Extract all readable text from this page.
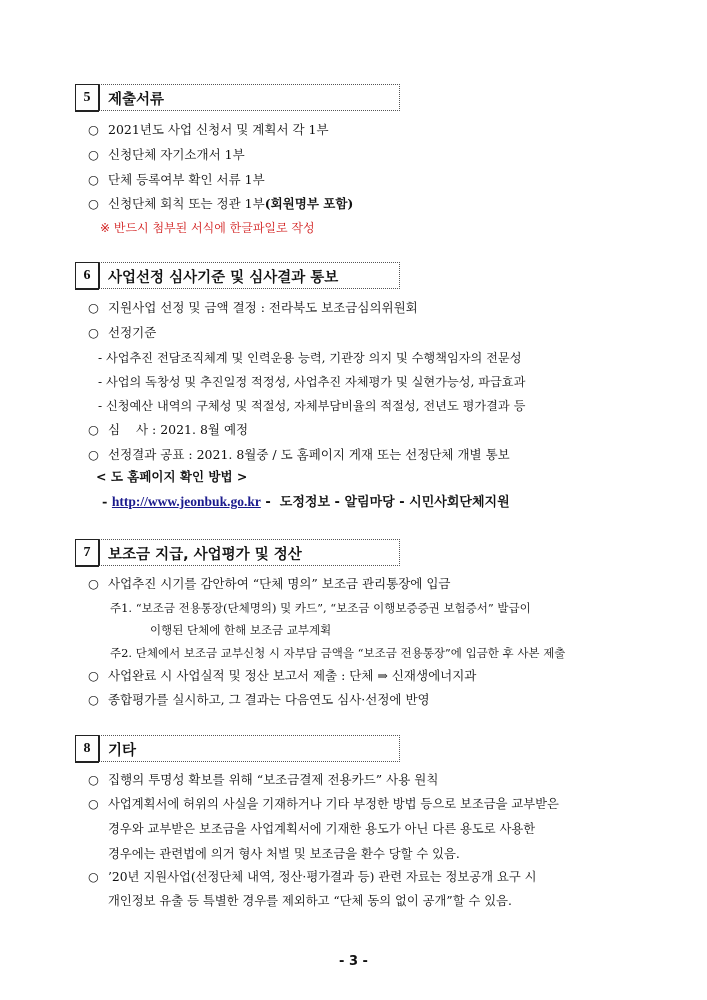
5	제출서류
○ 2021년도 사업 신청서 및 계획서 각 1부
○ 신청단체 자기소개서 1부
○ 단체 등록여부 확인 서류 1부
○ 신청단체 회칙 또는 정관 1부(회원명부 포함)
※ 반드시 첨부된 서식에 한글파일로 작성
6	사업선정 심사기준 및 심사결과 통보
○ 지원사업 선정 및 금액 결정 : 전라북도 보조금심의위원회
○ 선정기준
- 사업추진 전담조직체계 및 인력운용 능력, 기관장 의지 및 수행책임자의 전문성
- 사업의 독창성 및 추진일정 적정성, 사업추진 자체평가 및 실현가능성, 파급효과
- 신청예산 내역의 구체성 및 적절성, 자체부담비율의 적절성, 전년도 평가결과 등
○ 심    사 : 2021. 8월 예정
○ 선정결과 공표 : 2021. 8월중 / 도 홈페이지 게재 또는 선정단체 개별 통보
< 도 홈페이지 확인 방법 >
- http://www.jeonbuk.go.kr -  도정정보 - 알림마당 - 시민사회단체지원
7	보조금 지급, 사업평가 및 정산
○ 사업추진 시기를 감안하여 “단체 명의” 보조금 관리통장에 입금
주1. “보조금 전용통장(단체명의) 및 카드”, “보조금 이행보증증권 보험증서” 발급이
이행된 단체에 한해 보조금 교부계획
주2. 단체에서 보조금 교부신청 시 자부담 금액을 “보조금 전용통장”에 입금한 후 사본 제출
○ 사업완료 시 사업실적 및 정산 보고서 제출 : 단체 ⇒ 신재생에너지과
○ 종합평가를 실시하고, 그 결과는 다음연도 심사·선정에 반영
8	기타
○ 집행의 투명성 확보를 위해 “보조금결제 전용카드” 사용 원칙
○ 사업계획서에 허위의 사실을 기재하거나 기타 부정한 방법 등으로 보조금을 교부받은
경우와 교부받은 보조금을 사업계획서에 기재한 용도가 아닌 다른 용도로 사용한
경우에는 관련법에 의거 형사 처벌 및 보조금을 환수 당할 수 있음.
○ ’20년 지원사업(선정단체 내역, 정산·평가결과 등) 관련 자료는 정보공개 요구 시
개인정보 유출 등 특별한 경우를 제외하고 “단체 동의 없이 공개”할 수 있음.
- 3 -
